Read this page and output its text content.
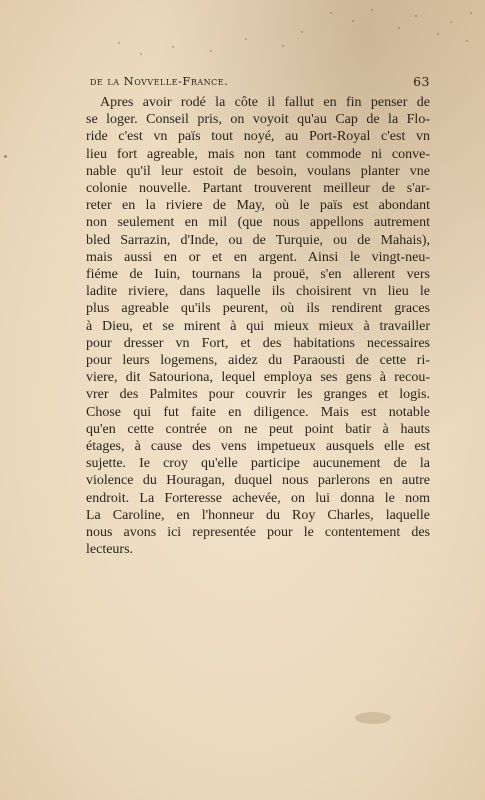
de la Novvelle-France.	63
Apres avoir rodé la côte il fallut en fin penser de
se loger. Conseil pris, on voyoit qu'au Cap de la Flo-
ride c'est vn païs tout noyé, au Port-Royal c'est vn
lieu fort agreable, mais non tant commode ni conve-
nable qu'il leur estoit de besoin, voulans planter vne
colonie nouvelle. Partant trouverent meilleur de s'ar-
reter en la riviere de May, où le païs est abondant
non seulement en mil (que nous appellons autrement
bled Sarrazin, d'Inde, ou de Turquie, ou de Mahais),
mais aussi en or et en argent. Ainsi le vingt-neu-
fiéme de Iuin, tournans la prouë, s'en allerent vers
ladite riviere, dans laquelle ils choisirent vn lieu le
plus agreable qu'ils peurent, où ils rendirent graces
à Dieu, et se mirent à qui mieux mieux à travailler
pour dresser vn Fort, et des habitations necessaires
pour leurs logemens, aidez du Paraousti de cette ri-
viere, dit Satouriona, lequel employa ses gens à recou-
vrer des Palmites pour couvrir les granges et logis.
Chose qui fut faite en diligence. Mais est notable
qu'en cette contrée on ne peut point batir à hauts
étages, à cause des vens impetueux ausquels elle est
sujette. Ie croy qu'elle participe aucunement de la
violence du Houragan, duquel nous parlerons en autre
endroit. La Forteresse achevée, on lui donna le nom
La Caroline, en l'honneur du Roy Charles, laquelle
nous avons ici representée pour le contentement des
lecteurs.
